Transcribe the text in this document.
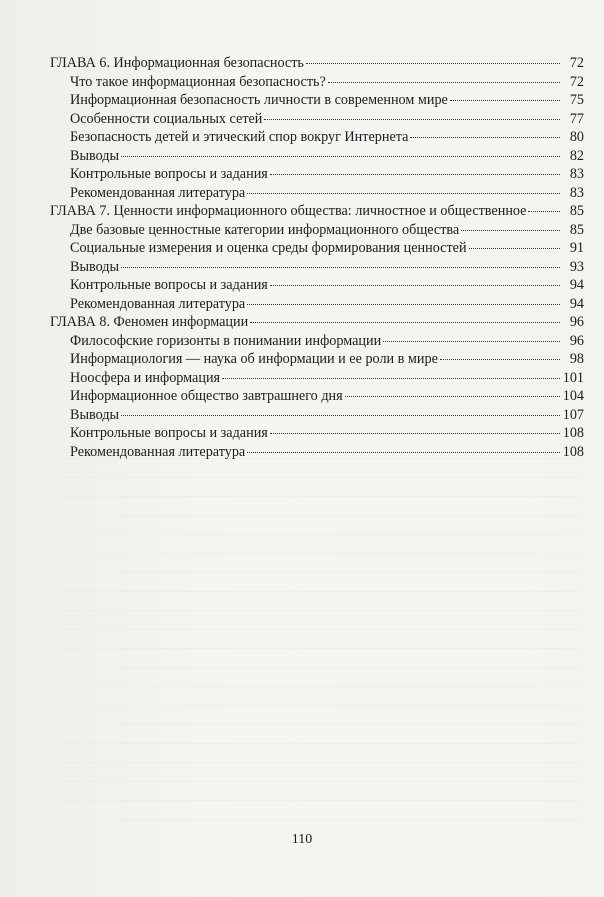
ГЛАВА 6. Информационная безопасность	72
Что такое информационная безопасность?	72
Информационная безопасность личности в современном мире	75
Особенности социальных сетей	77
Безопасность детей и этический спор вокруг Интернета	80
Выводы	82
Контрольные вопросы и задания	83
Рекомендованная литература	83
ГЛАВА 7. Ценности информационного общества: личностное и общественное	85
Две базовые ценностные категории информационного общества	85
Социальные измерения и оценка среды формирования ценностей	91
Выводы	93
Контрольные вопросы и задания	94
Рекомендованная литература	94
ГЛАВА 8. Феномен информации	96
Философские горизонты в понимании информации	96
Информациология — наука об информации и ее роли в мире	98
Ноосфера и информация	101
Информационное общество завтрашнего дня	104
Выводы	107
Контрольные вопросы и задания	108
Рекомендованная литература	108
110
